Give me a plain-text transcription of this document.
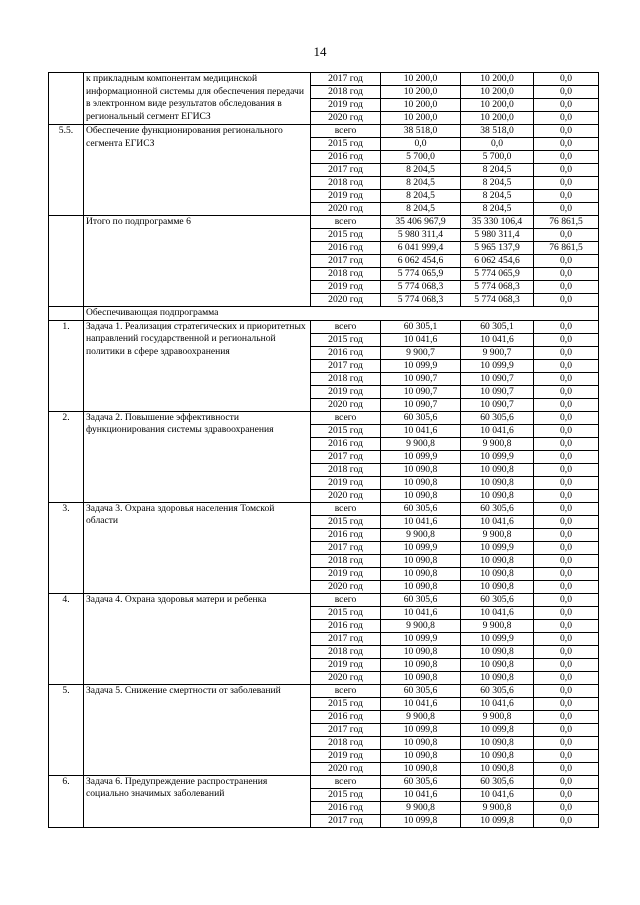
14
	к прикладным компонентам медицинской информационной системы для обеспечения передачи в электронном виде результатов обследования в региональный сегмент ЕГИСЗ	2017 год	10 200,0	10 200,0	0,0
		2018 год	10 200,0	10 200,0	0,0
		2019 год	10 200,0	10 200,0	0,0
		2020 год	10 200,0	10 200,0	0,0
5.5.	Обеспечение функционирования регионального сегмента ЕГИСЗ	всего	38 518,0	38 518,0	0,0
		2015 год	0,0	0,0	0,0
		2016 год	5 700,0	5 700,0	0,0
		2017 год	8 204,5	8 204,5	0,0
		2018 год	8 204,5	8 204,5	0,0
		2019 год	8 204,5	8 204,5	0,0
		2020 год	8 204,5	8 204,5	0,0
	Итого по подпрограмме 6	всего	35 406 967,9	35 330 106,4	76 861,5
		2015 год	5 980 311,4	5 980 311,4	0,0
		2016 год	6 041 999,4	5 965 137,9	76 861,5
		2017 год	6 062 454,6	6 062 454,6	0,0
		2018 год	5 774 065,9	5 774 065,9	0,0
		2019 год	5 774 068,3	5 774 068,3	0,0
		2020 год	5 774 068,3	5 774 068,3	0,0
	Обеспечивающая подпрограмма				
1.	Задача 1. Реализация стратегических и приоритетных направлений государственной и региональной политики в сфере здравоохранения	всего	60 305,1	60 305,1	0,0
		2015 год	10 041,6	10 041,6	0,0
		2016 год	9 900,7	9 900,7	0,0
		2017 год	10 099,9	10 099,9	0,0
		2018 год	10 090,7	10 090,7	0,0
		2019 год	10 090,7	10 090,7	0,0
		2020 год	10 090,7	10 090,7	0,0
2.	Задача 2. Повышение эффективности функционирования системы здравоохранения	всего	60 305,6	60 305,6	0,0
		2015 год	10 041,6	10 041,6	0,0
		2016 год	9 900,8	9 900,8	0,0
		2017 год	10 099,9	10 099,9	0,0
		2018 год	10 090,8	10 090,8	0,0
		2019 год	10 090,8	10 090,8	0,0
		2020 год	10 090,8	10 090,8	0,0
3.	Задача 3. Охрана здоровья населения Томской области	всего	60 305,6	60 305,6	0,0
		2015 год	10 041,6	10 041,6	0,0
		2016 год	9 900,8	9 900,8	0,0
		2017 год	10 099,9	10 099,9	0,0
		2018 год	10 090,8	10 090,8	0,0
		2019 год	10 090,8	10 090,8	0,0
		2020 год	10 090,8	10 090,8	0,0
4.	Задача 4. Охрана здоровья матери и ребенка	всего	60 305,6	60 305,6	0,0
		2015 год	10 041,6	10 041,6	0,0
		2016 год	9 900,8	9 900,8	0,0
		2017 год	10 099,9	10 099,9	0,0
		2018 год	10 090,8	10 090,8	0,0
		2019 год	10 090,8	10 090,8	0,0
		2020 год	10 090,8	10 090,8	0,0
5.	Задача 5. Снижение смертности от заболеваний	всего	60 305,6	60 305,6	0,0
		2015 год	10 041,6	10 041,6	0,0
		2016 год	9 900,8	9 900,8	0,0
		2017 год	10 099,8	10 099,8	0,0
		2018 год	10 090,8	10 090,8	0,0
		2019 год	10 090,8	10 090,8	0,0
		2020 год	10 090,8	10 090,8	0,0
6.	Задача 6. Предупреждение распространения социально значимых заболеваний	всего	60 305,6	60 305,6	0,0
		2015 год	10 041,6	10 041,6	0,0
		2016 год	9 900,8	9 900,8	0,0
		2017 год	10 099,8	10 099,8	0,0
